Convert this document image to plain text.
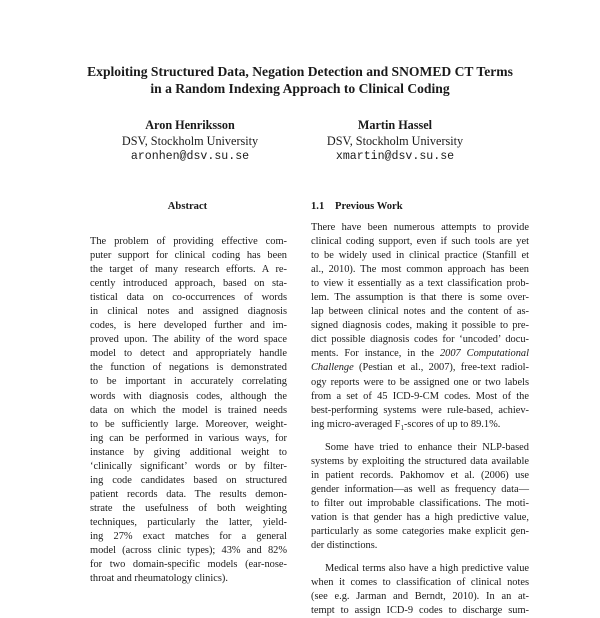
Exploiting Structured Data, Negation Detection and SNOMED CT Terms
in a Random Indexing Approach to Clinical Coding
Aron Henriksson
DSV, Stockholm University
aronhen@dsv.su.se
Martin Hassel
DSV, Stockholm University
xmartin@dsv.su.se
Abstract	1.1 Previous Work
The problem of providing effective com-
puter support for clinical coding has been
the target of many research efforts. A re-
cently introduced approach, based on sta-
tistical data on co-occurrences of words
in clinical notes and assigned diagnosis
codes, is here developed further and im-
proved upon. The ability of the word space
model to detect and appropriately handle
the function of negations is demonstrated
to be important in accurately correlating
words with diagnosis codes, although the
data on which the model is trained needs
to be sufficiently large. Moreover, weight-
ing can be performed in various ways, for
instance by giving additional weight to
‘clinically significant’ words or by filter-
ing code candidates based on structured
patient records data. The results demon-
strate the usefulness of both weighting
techniques, particularly the latter, yield-
ing 27% exact matches for a general
model (across clinic types); 43% and 82%
for two domain-specific models (ear-nose-
throat and rheumatology clinics).
There have been numerous attempts to provide
clinical coding support, even if such tools are yet
to be widely used in clinical practice (Stanfill et
al., 2010). The most common approach has been
to view it essentially as a text classification prob-
lem. The assumption is that there is some over-
lap between clinical notes and the content of as-
signed diagnosis codes, making it possible to pre-
dict possible diagnosis codes for ‘uncoded’ docu-
ments. For instance, in the 2007 Computational
Challenge (Pestian et al., 2007), free-text radiol-
ogy reports were to be assigned one or two labels
from a set of 45 ICD-9-CM codes. Most of the
best-performing systems were rule-based, achiev-
ing micro-averaged $F_1$-scores of up to 89.1%.
Some have tried to enhance their NLP-based
systems by exploiting the structured data available
in patient records. Pakhomov et al. (2006) use
gender information—as well as frequency data—
to filter out improbable classifications. The moti-
vation is that gender has a high predictive value,
particularly as some categories make explicit gen-
der distinctions.
Medical terms also have a high predictive value
when it comes to classification of clinical notes
(see e.g. Jarman and Berndt, 2010). In an at-
tempt to assign ICD-9 codes to discharge sum-
